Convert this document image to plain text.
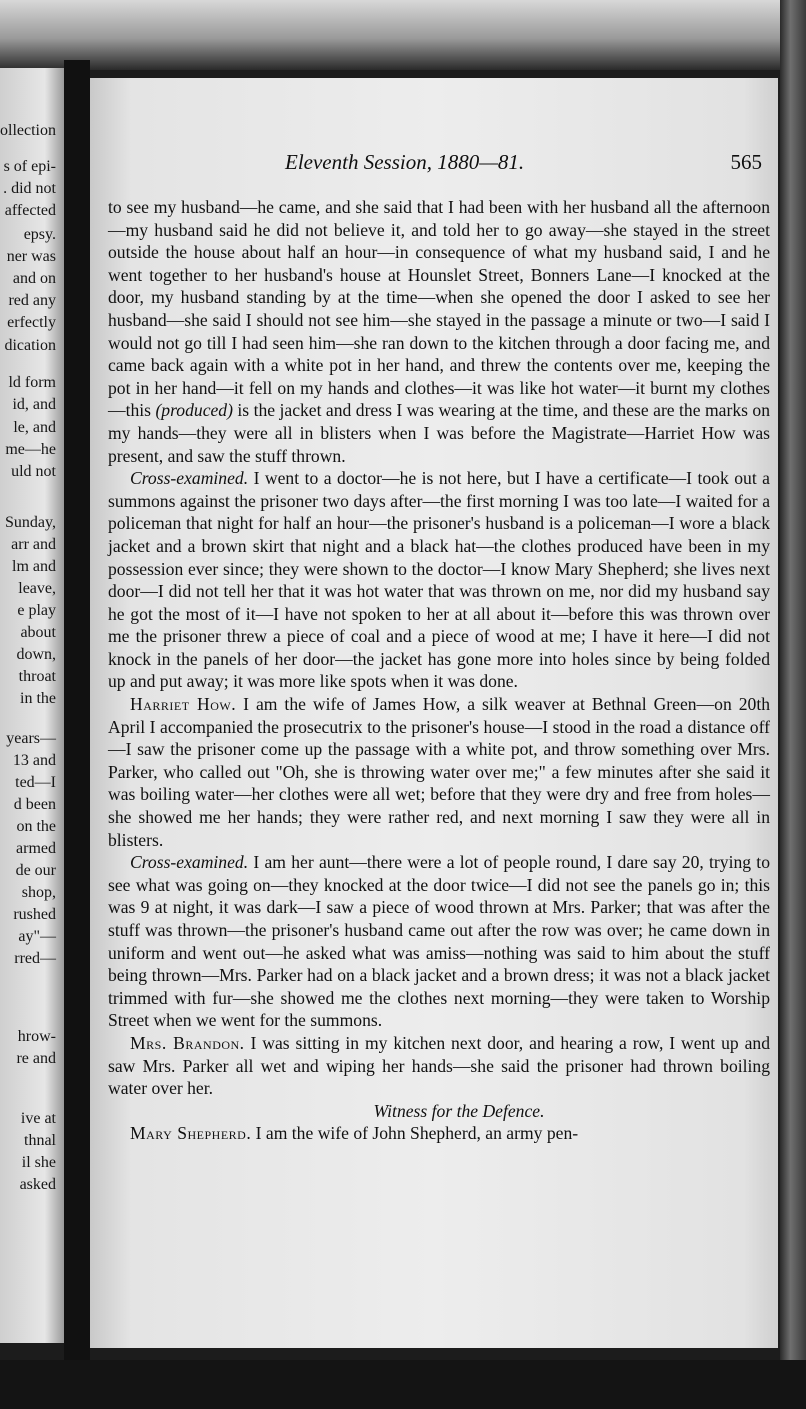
ollection
s of epi-
. did not
affected
epsy.
ner was
and on
red any
erfectly
dication
ld form
id, and
le, and
me—he
uld not
Sunday,
arr and
lm and
leave,
e play
about
down,
throat
in the
years—
13 and
ted—I
d been
on the
armed
de our
shop,
rushed
ay"—
rred—
hrow-
re and
ive at
thnal
il she
asked
Eleventh Session, 1880—81.	565

to see my husband—he came, and she said that I had been with her husband all the afternoon—my husband said he did not believe it, and told her to go away—she stayed in the street outside the house about half an hour—in consequence of what my husband said, I and he went together to her husband's house at Hounslet Street, Bonners Lane—I knocked at the door, my husband standing by at the time—when she opened the door I asked to see her husband—she said I should not see him—she stayed in the passage a minute or two—I said I would not go till I had seen him—she ran down to the kitchen through a door facing me, and came back again with a white pot in her hand, and threw the contents over me, keeping the pot in her hand—it fell on my hands and clothes—it was like hot water—it burnt my clothes—this (produced) is the jacket and dress I was wearing at the time, and these are the marks on my hands—they were all in blisters when I was before the Magistrate—Harriet How was present, and saw the stuff thrown.

Cross-examined. I went to a doctor—he is not here, but I have a certificate—I took out a summons against the prisoner two days after—the first morning I was too late—I waited for a policeman that night for half an hour—the prisoner's husband is a policeman—I wore a black jacket and a brown skirt that night and a black hat—the clothes produced have been in my possession ever since; they were shown to the doctor—I know Mary Shepherd; she lives next door—I did not tell her that it was hot water that was thrown on me, nor did my husband say he got the most of it—I have not spoken to her at all about it—before this was thrown over me the prisoner threw a piece of coal and a piece of wood at me; I have it here—I did not knock in the panels of her door—the jacket has gone more into holes since by being folded up and put away; it was more like spots when it was done.

Harriet How. I am the wife of James How, a silk weaver at Bethnal Green—on 20th April I accompanied the prosecutrix to the prisoner's house—I stood in the road a distance off—I saw the prisoner come up the passage with a white pot, and throw something over Mrs. Parker, who called out "Oh, she is throwing water over me;" a few minutes after she said it was boiling water—her clothes were all wet; before that they were dry and free from holes—she showed me her hands; they were rather red, and next morning I saw they were all in blisters.

Cross-examined. I am her aunt—there were a lot of people round, I dare say 20, trying to see what was going on—they knocked at the door twice—I did not see the panels go in; this was 9 at night, it was dark—I saw a piece of wood thrown at Mrs. Parker; that was after the stuff was thrown—the prisoner's husband came out after the row was over; he came down in uniform and went out—he asked what was amiss—nothing was said to him about the stuff being thrown—Mrs. Parker had on a black jacket and a brown dress; it was not a black jacket trimmed with fur—she showed me the clothes next morning—they were taken to Worship Street when we went for the summons.

Mrs. Brandon. I was sitting in my kitchen next door, and hearing a row, I went up and saw Mrs. Parker all wet and wiping her hands—she said the prisoner had thrown boiling water over her.

Witness for the Defence.

Mary Shepherd. I am the wife of John Shepherd, an army pen-
